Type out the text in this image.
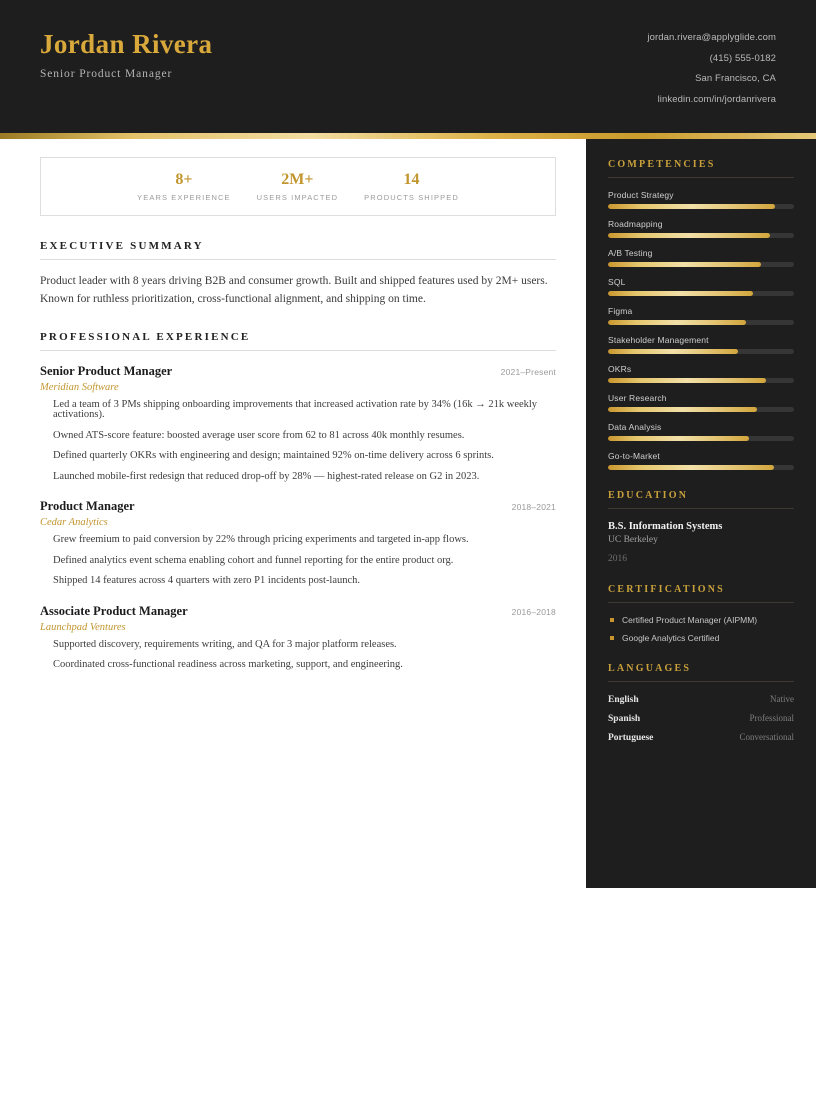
Jordan Rivera
Senior Product Manager
jordan.rivera@applyglide.com
(415) 555-0182
San Francisco, CA
linkedin.com/in/jordanrivera
8+
YEARS EXPERIENCE
2M+
USERS IMPACTED
14
PRODUCTS SHIPPED
EXECUTIVE SUMMARY

Product leader with 8 years driving B2B and consumer growth. Built and shipped features used by 2M+ users. Known for ruthless prioritization, cross-functional alignment, and shipping on time.

PROFESSIONAL EXPERIENCE
Senior Product Manager	2021–Present
Meridian Software
Led a team of 3 PMs shipping onboarding improvements that increased activation rate by 34% (16k → 21k weekly activations).
Owned ATS-score feature: boosted average user score from 62 to 81 across 40k monthly resumes.
Defined quarterly OKRs with engineering and design; maintained 92% on-time delivery across 6 sprints.
Launched mobile-first redesign that reduced drop-off by 28% — highest-rated release on G2 in 2023.
Product Manager	2018–2021
Cedar Analytics
Grew freemium to paid conversion by 22% through pricing experiments and targeted in-app flows.
Defined analytics event schema enabling cohort and funnel reporting for the entire product org.
Shipped 14 features across 4 quarters with zero P1 incidents post-launch.
Associate Product Manager	2016–2018
Launchpad Ventures
Supported discovery, requirements writing, and QA for 3 major platform releases.
Coordinated cross-functional readiness across marketing, support, and engineering.
COMPETENCIES
Product Strategy
Roadmapping
A/B Testing
SQL
Figma
Stakeholder Management
OKRs
User Research
Data Analysis
Go-to-Market
EDUCATION
B.S. Information Systems
UC Berkeley
2016
CERTIFICATIONS
Certified Product Manager (AIPMM)
Google Analytics Certified
LANGUAGES
English	Native
Spanish	Professional
Portuguese	Conversational
